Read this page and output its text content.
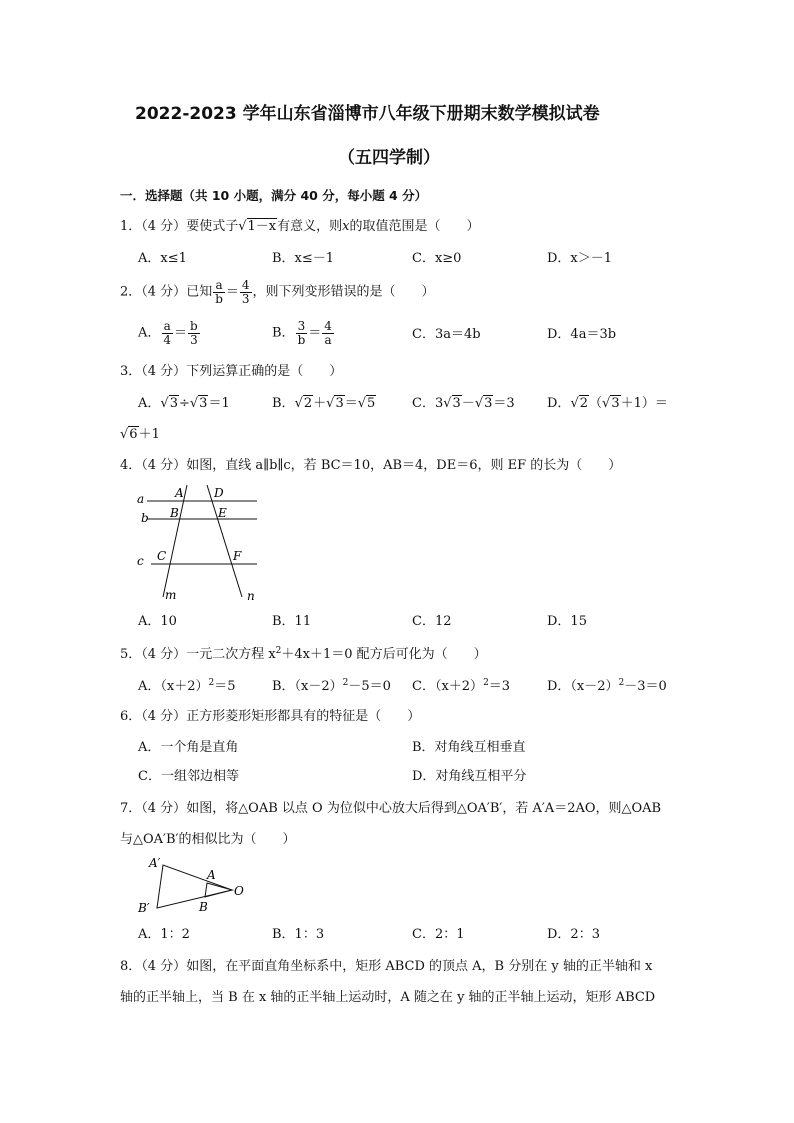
2022-2023 学年山东省淄博市八年级下册期末数学模拟试卷
（五四学制）
一．选择题（共 10 小题，满分 40 分，每小题 4 分）
1．（4 分）要使式子√1－x有意义，则x的取值范围是（　　）
A．x≤1	B．x≤－1	C．x≥0	D．x＞－1
2．（4 分）已知 $\frac{a}{b} = \frac{4}{3}$ ，则下列变形错误的是（　　）
A． $\frac{a}{4} = \frac{b}{3}$	B． $\frac{3}{b} = \frac{4}{a}$	C．3a＝4b	D．4a＝3b
3．（4 分）下列运算正确的是（　　）
A．√3÷√3＝1	B．√2＋√3＝√5	C．3√3－√3＝3 D．√2（√3＋1）＝
√6＋1
4．（4 分）如图，直线 a∥b∥c，若 BC＝10，AB＝4，DE＝6，则 EF 的长为（　　）
a
b
c
A	D
B	E
C	F
m	n
A．10	B．11	C．12	D．15
5．（4 分）一元二次方程 $x^2+4x+1=0$ 配方后可化为（　　）
A．$(x+2)^2=5$	B．$(x-2)^2-5=0$ C．$(x+2)^2=3$	D．$(x-2)^2-3=0$
6．（4 分）正方形菱形矩形都具有的特征是（　　）
A．一个角是直角	B．对角线互相垂直
C．一组邻边相等	D．对角线互相平分
7．（4 分）如图，将△OAB 以点 O 为位似中心放大后得到△OA′B′，若 A′A＝2AO，则△OAB
与△OA′B′的相似比为（　　）
A′
A
O
B′	B
A．1：2	B．1：3	C．2：1	D．2：3
8．（4 分）如图，在平面直角坐标系中，矩形 ABCD 的顶点 A，B 分别在 y 轴的正半轴和 x
轴的正半轴上，当 B 在 x 轴的正半轴上运动时，A 随之在 y 轴的正半轴上运动，矩形 ABCD
